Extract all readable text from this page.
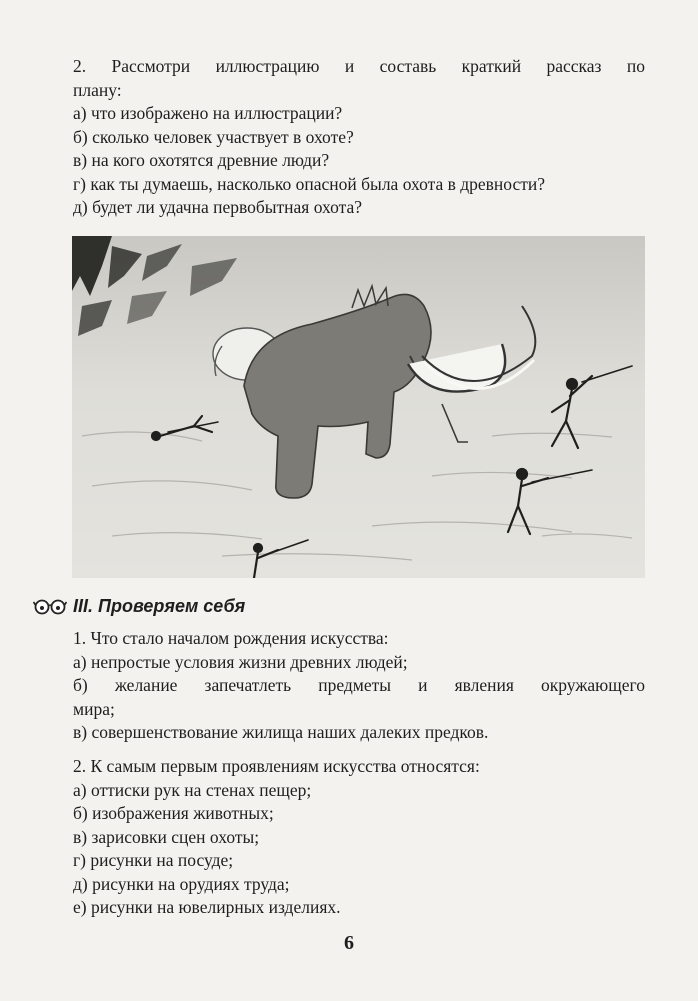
2. Рассмотри иллюстрацию и составь краткий рассказ по
плану:
а) что изображено на иллюстрации?
б) сколько человек участвует в охоте?
в) на кого охотятся древние люди?
г) как ты думаешь, насколько опасной была охота в древности?
д) будет ли удачна первобытная охота?
III. Проверяем себя
1. Что стало началом рождения искусства:
а) непростые условия жизни древних людей;
б) желание запечатлеть предметы и явления окружающего
мира;
в) совершенствование жилища наших далеких предков.
2. К самым первым проявлениям искусства относятся:
а) оттиски рук на стенах пещер;
б) изображения животных;
в) зарисовки сцен охоты;
г) рисунки на посуде;
д) рисунки на орудиях труда;
е) рисунки на ювелирных изделиях.
6
